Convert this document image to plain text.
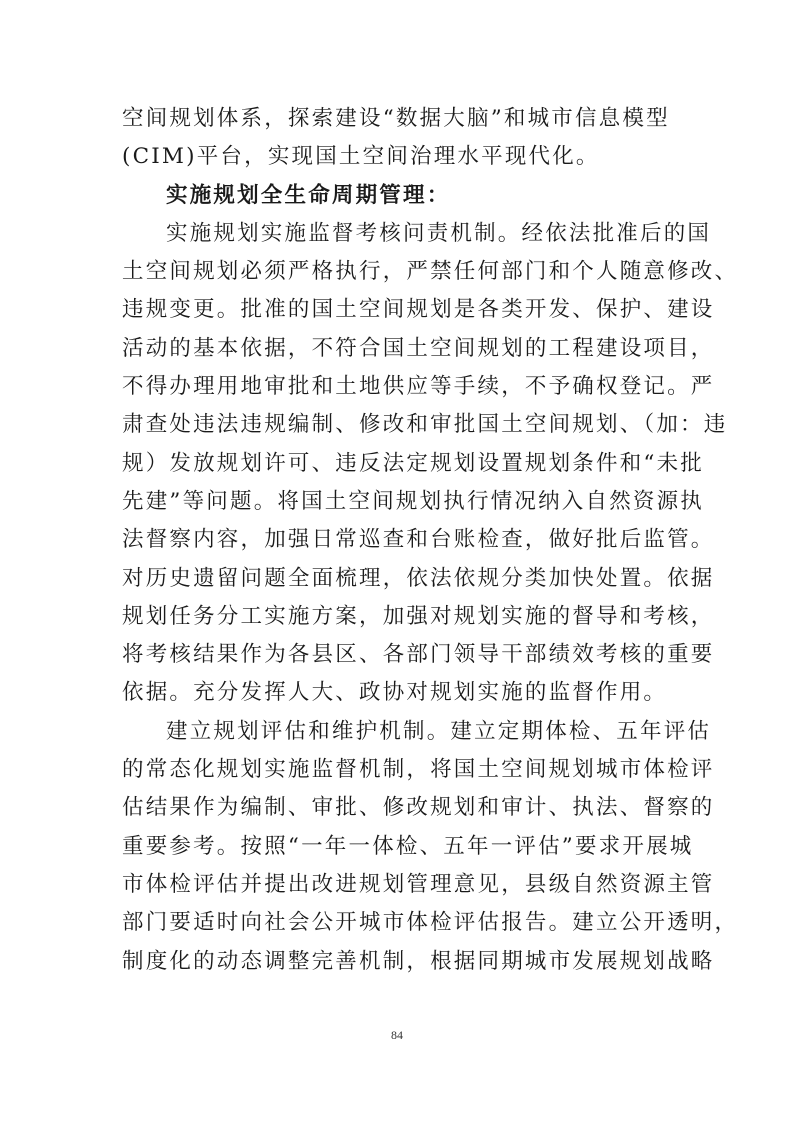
空间规划体系，探索建设“数据大脑”和城市信息模型
(CIM)平台，实现国土空间治理水平现代化。
实施规划全生命周期管理：
实施规划实施监督考核问责机制。经依法批准后的国
土空间规划必须严格执行，严禁任何部门和个人随意修改、
违规变更。批准的国土空间规划是各类开发、保护、建设
活动的基本依据，不符合国土空间规划的工程建设项目，
不得办理用地审批和土地供应等手续，不予确权登记。严
肃查处违法违规编制、修改和审批国土空间规划、（加：违
规）发放规划许可、违反法定规划设置规划条件和“未批
先建”等问题。将国土空间规划执行情况纳入自然资源执
法督察内容，加强日常巡查和台账检查，做好批后监管。
对历史遗留问题全面梳理，依法依规分类加快处置。依据
规划任务分工实施方案，加强对规划实施的督导和考核，
将考核结果作为各县区、各部门领导干部绩效考核的重要
依据。充分发挥人大、政协对规划实施的监督作用。
建立规划评估和维护机制。建立定期体检、五年评估
的常态化规划实施监督机制，将国土空间规划城市体检评
估结果作为编制、审批、修改规划和审计、执法、督察的
重要参考。按照“一年一体检、五年一评估”要求开展城
市体检评估并提出改进规划管理意见，县级自然资源主管
部门要适时向社会公开城市体检评估报告。建立公开透明，
制度化的动态调整完善机制，根据同期城市发展规划战略
84
